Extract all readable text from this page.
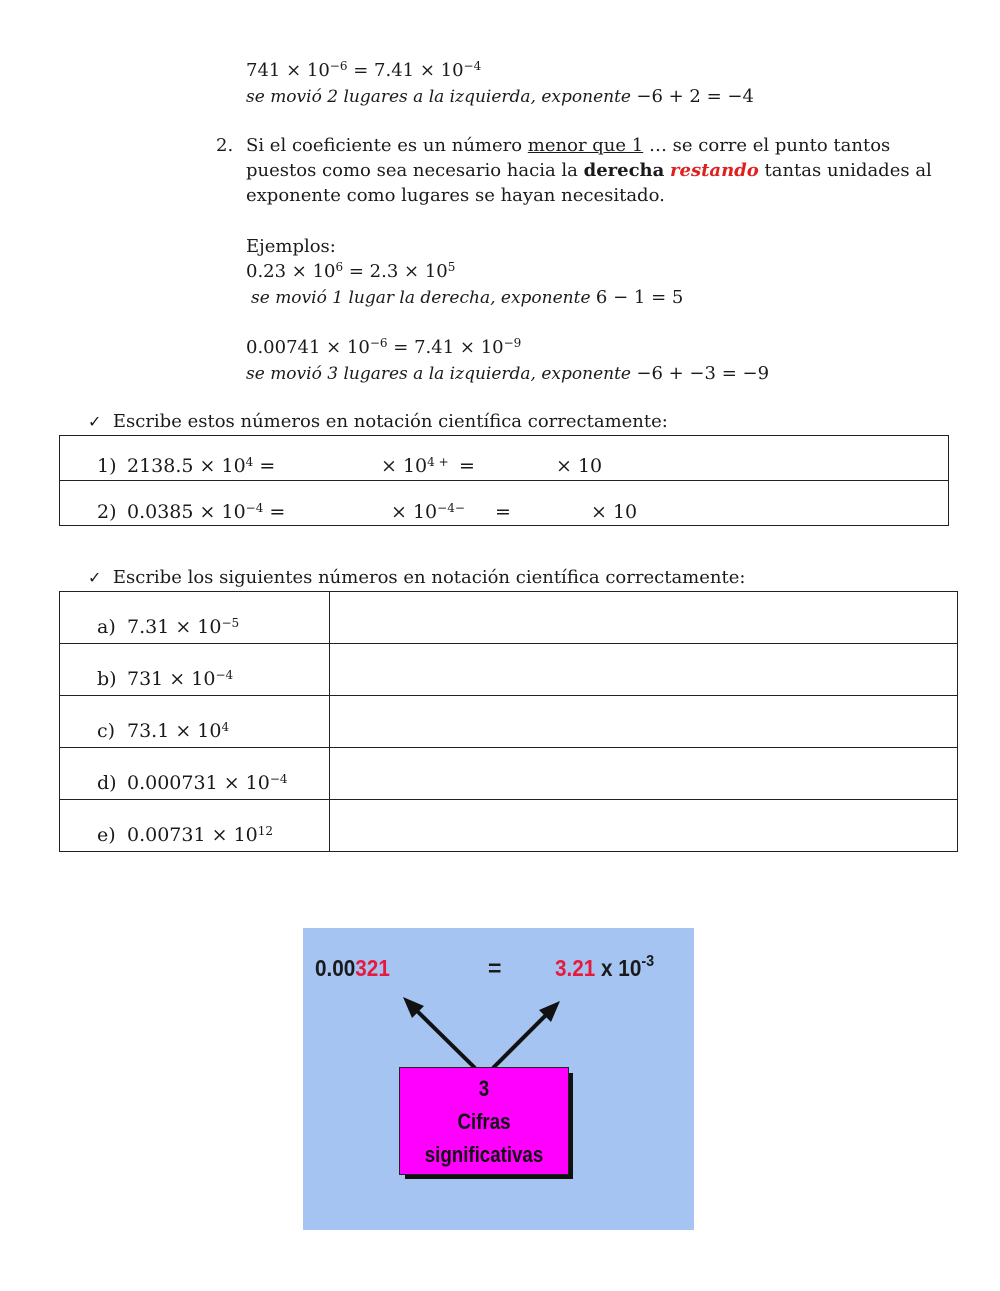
$741 \times 10^{-6} = 7.41 \times 10^{-4}$
se movió 2 lugares a la izquierda, exponente −6 + 2 = −4
2. Si el coeficiente es un número menor que 1 … se corre el punto tantos
puestos como sea necesario hacia la derecha restando tantas unidades al
exponente como lugares se hayan necesitado.
Ejemplos:
$0.23 \times 10^6 = 2.3 \times 10^5$
se movió 1 lugar la derecha, exponente 6 − 1 = 5
$0.00741 \times 10^{-6} = 7.41 \times 10^{-9}$
se movió 3 lugares a la izquierda, exponente −6 + −3 = −9
✓ Escribe estos números en notación científica correctamente:
1) $2138.5 \times 10^4$ =	× $10^{4 +}$ =	× 10

2) $0.0385 \times 10^{-4}$ =	× $10^{-4-}$ =	× 10
✓ Escribe los siguientes números en notación científica correctamente:
a) $7.31 \times 10^{-5}$

b) $731 \times 10^{-4}$

c) $73.1 \times 10^4$

d) $0.000731 \times 10^{-4}$

e) $0.00731 \times 10^{12}$

0.00321	= 3.21 x $10^{-3}$
3
Cifras
significativas
